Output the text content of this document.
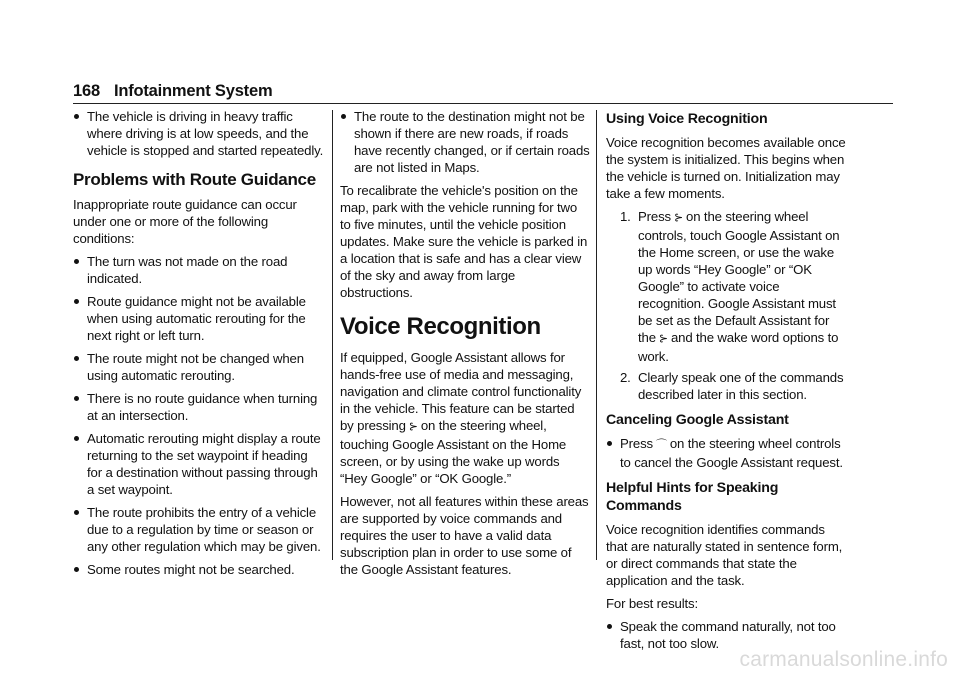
168 Infotainment System
The vehicle is driving in heavy traffic where driving is at low speeds, and the vehicle is stopped and started repeatedly.
Problems with Route Guidance

Inappropriate route guidance can occur under one or more of the following conditions:

The turn was not made on the road indicated.
Route guidance might not be available when using automatic rerouting for the next right or left turn.
The route might not be changed when using automatic rerouting.
There is no route guidance when turning at an intersection.
Automatic rerouting might display a route returning to the set waypoint if heading for a destination without passing through a set waypoint.
The route prohibits the entry of a vehicle due to a regulation by time or season or any other regulation which may be given.
Some routes might not be searched.
The route to the destination might not be shown if there are new roads, if roads have recently changed, or if certain roads are not listed in Maps.

To recalibrate the vehicle's position on the map, park with the vehicle running for two to five minutes, until the vehicle position updates. Make sure the vehicle is parked in a location that is safe and has a clear view of the sky and away from large obstructions.

Voice Recognition

If equipped, Google Assistant allows for hands-free use of media and messaging, navigation and climate control functionality in the vehicle. This feature can be started by pressing ⊱ on the steering wheel, touching Google Assistant on the Home screen, or by using the wake up words “Hey Google” or “OK Google.”

However, not all features within these areas are supported by voice commands and requires the user to have a valid data subscription plan in order to use some of the Google Assistant features.

Using Voice Recognition

Voice recognition becomes available once the system is initialized. This begins when the vehicle is turned on. Initialization may take a few moments.

1. Press ⊱ on the steering wheel controls, touch Google Assistant on the Home screen, or use the wake up words “Hey Google” or “OK Google” to activate voice recognition. Google Assistant must be set as the Default Assistant for the ⊱ and the wake word options to work.
2. Clearly speak one of the commands described later in this section.
Canceling Google Assistant
Press ⌒ on the steering wheel controls to cancel the Google Assistant request.
Helpful Hints for Speaking Commands

Voice recognition identifies commands that are naturally stated in sentence form, or direct commands that state the application and the task.

For best results:

Speak the command naturally, not too fast, not too slow.
carmanualsonline.info
